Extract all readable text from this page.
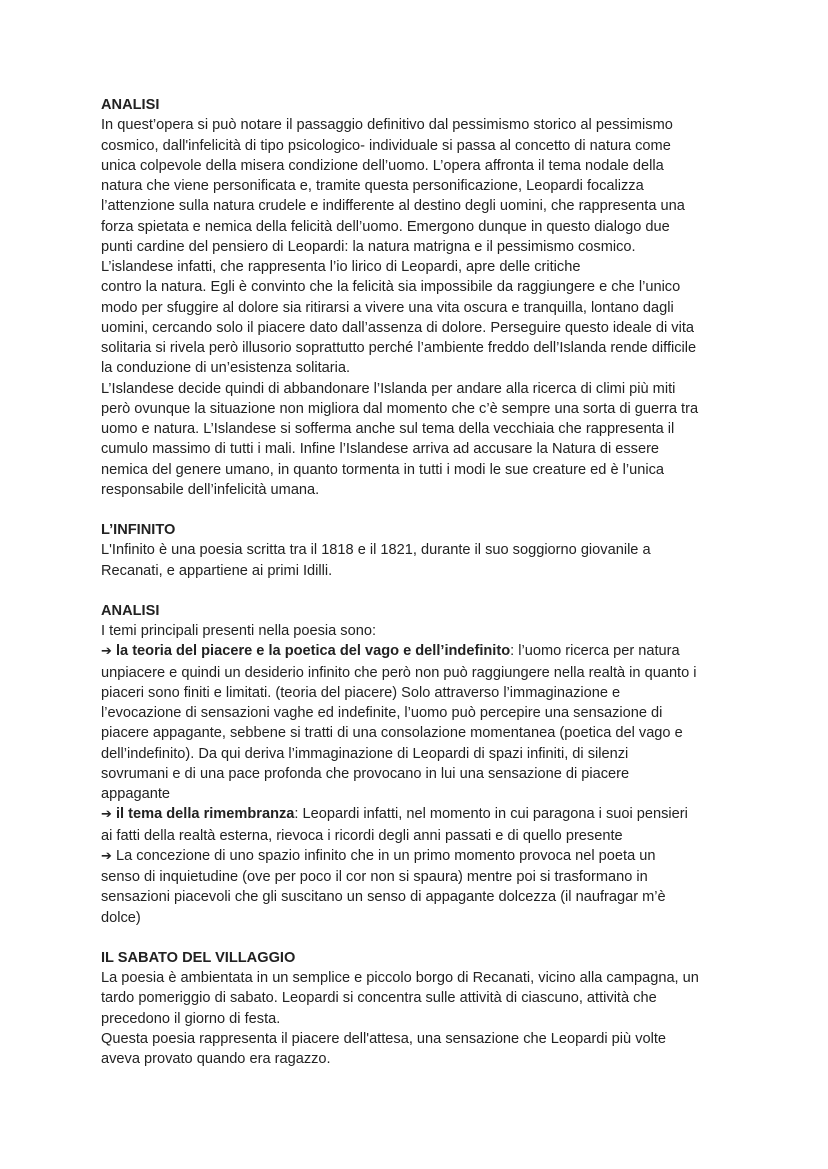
ANALISI

In quest’opera si può notare il passaggio definitivo dal pessimismo storico al pessimismo

cosmico, dall'infelicità di tipo psicologico- individuale si passa al concetto di natura come

unica colpevole della misera condizione dell’uomo. L’opera affronta il tema nodale della

natura che viene personificata e, tramite questa personificazione, Leopardi focalizza

l’attenzione sulla natura crudele e indifferente al destino degli uomini, che rappresenta una

forza spietata e nemica della felicità dell’uomo. Emergono dunque in questo dialogo due

punti cardine del pensiero di Leopardi: la natura matrigna e il pessimismo cosmico.

L’islandese infatti, che rappresenta l’io lirico di Leopardi, apre delle critiche

contro la natura. Egli è convinto che la felicità sia impossibile da raggiungere e che l’unico

modo per sfuggire al dolore sia ritirarsi a vivere una vita oscura e tranquilla, lontano dagli

uomini, cercando solo il piacere dato dall’assenza di dolore. Perseguire questo ideale di vita

solitaria si rivela però illusorio soprattutto perché l’ambiente freddo dell’Islanda rende difficile

la conduzione di un’esistenza solitaria.

L’Islandese decide quindi di abbandonare l’Islanda per andare alla ricerca di climi più miti

però ovunque la situazione non migliora dal momento che c’è sempre una sorta di guerra tra

uomo e natura. L’Islandese si sofferma anche sul tema della vecchiaia che rappresenta il

cumulo massimo di tutti i mali. Infine l’Islandese arriva ad accusare la Natura di essere

nemica del genere umano, in quanto tormenta in tutti i modi le sue creature ed è l’unica

responsabile dell’infelicità umana.

L’INFINITO

L'Infinito è una poesia scritta tra il 1818 e il 1821, durante il suo soggiorno giovanile a

Recanati, e appartiene ai primi Idilli.

ANALISI

I temi principali presenti nella poesia sono:

➔ la teoria del piacere e la poetica del vago e dell’indefinito: l’uomo ricerca per natura

unpiacere e quindi un desiderio infinito che però non può raggiungere nella realtà in quanto i

piaceri sono finiti e limitati. (teoria del piacere) Solo attraverso l’immaginazione e

l’evocazione di sensazioni vaghe ed indefinite, l’uomo può percepire una sensazione di

piacere appagante, sebbene si tratti di una consolazione momentanea (poetica del vago e

dell’indefinito). Da qui deriva l’immaginazione di Leopardi di spazi infiniti, di silenzi

sovrumani e di una pace profonda che provocano in lui una sensazione di piacere

appagante

➔ il tema della rimembranza: Leopardi infatti, nel momento in cui paragona i suoi pensieri

ai fatti della realtà esterna, rievoca i ricordi degli anni passati e di quello presente

➔ La concezione di uno spazio infinito che in un primo momento provoca nel poeta un

senso di inquietudine (ove per poco il cor non si spaura) mentre poi si trasformano in

sensazioni piacevoli che gli suscitano un senso di appagante dolcezza (il naufragar m’è

dolce)

IL SABATO DEL VILLAGGIO

La poesia è ambientata in un semplice e piccolo borgo di Recanati, vicino alla campagna, un

tardo pomeriggio di sabato. Leopardi si concentra sulle attività di ciascuno, attività che

precedono il giorno di festa.

Questa poesia rappresenta il piacere dell'attesa, una sensazione che Leopardi più volte

aveva provato quando era ragazzo.
